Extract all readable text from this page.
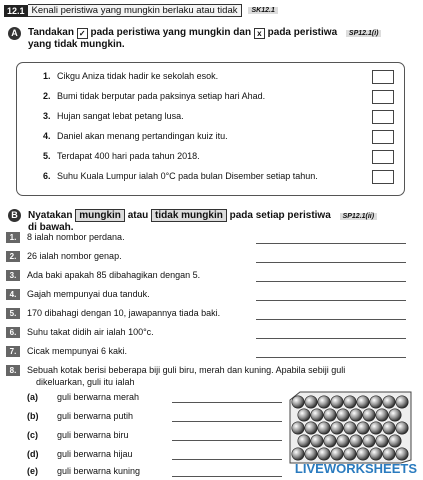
12.1 Kenali peristiwa yang mungkin berlaku atau tidak	SK12.1
A	Tandakan ✓ pada peristiwa yang mungkin dan x pada peristiwa SP12.1(i)
yang tidak mungkin.
1. Cikgu Aniza tidak hadir ke sekolah esok.
2. Bumi tidak berputar pada paksinya setiap hari Ahad.
3. Hujan sangat lebat petang lusa.
4. Daniel akan menang pertandingan kuiz itu.
5. Terdapat 400 hari pada tahun 2018.
6. Suhu Kuala Lumpur ialah 0°C pada bulan Disember setiap tahun.
B	Nyatakan mungkin atau tidak mungkin pada setiap peristiwa SP12.1(ii)
di bawah.
1. 8 ialah nombor perdana.
2. 26 ialah nombor genap.
3. Ada baki apakah 85 dibahagikan dengan 5.
4. Gajah mempunyai dua tanduk.
5. 170 dibahagi dengan 10, jawapannya tiada baki.
6. Suhu takat didih air ialah 100°c.
7. Cicak mempunyai 6 kaki.
8. Sebuah kotak berisi beberapa biji guli biru, merah dan kuning. Apabila sebiji guli
dikeluarkan, guli itu ialah
(a) guli berwarna merah
(b) guli berwarna putih
(c) guli berwarna biru
(d) guli berwarna hijau
(e) guli berwarna kuning	LIVEWORKSHEETS
